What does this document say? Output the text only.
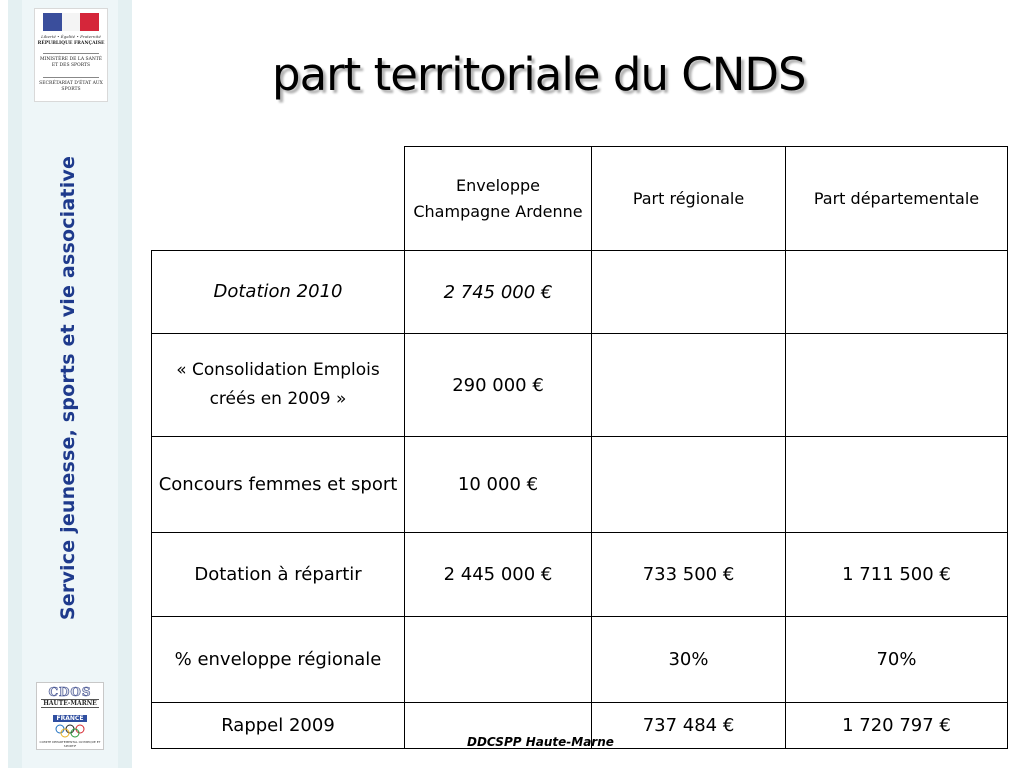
Liberté • Égalité • Fraternité
RÉPUBLIQUE FRANÇAISE
MINISTÈRE DE LA SANTÉ ET DES SPORTS
SECRÉTARIAT D'ÉTAT AUX SPORTS
Service jeunesse, sports et vie associative
CDOS
HAUTE-MARNE
FRANCE
COMITE DEPARTEMENTAL OLYMPIQUE ET SPORTIF
part territoriale du CNDS
	Enveloppe Champagne Ardenne	Part régionale	Part départementale
Dotation 2010	2 745 000 €		
« Consolidation Emplois créés en 2009 »	290 000 €		
Concours femmes et sport	10 000 €		
Dotation à répartir	2 445 000 €	733 500 €	1 711 500 €
% enveloppe régionale		30%	70%
Rappel 2009		737 484 €	1 720 797 €
DDCSPP Haute-Marne
